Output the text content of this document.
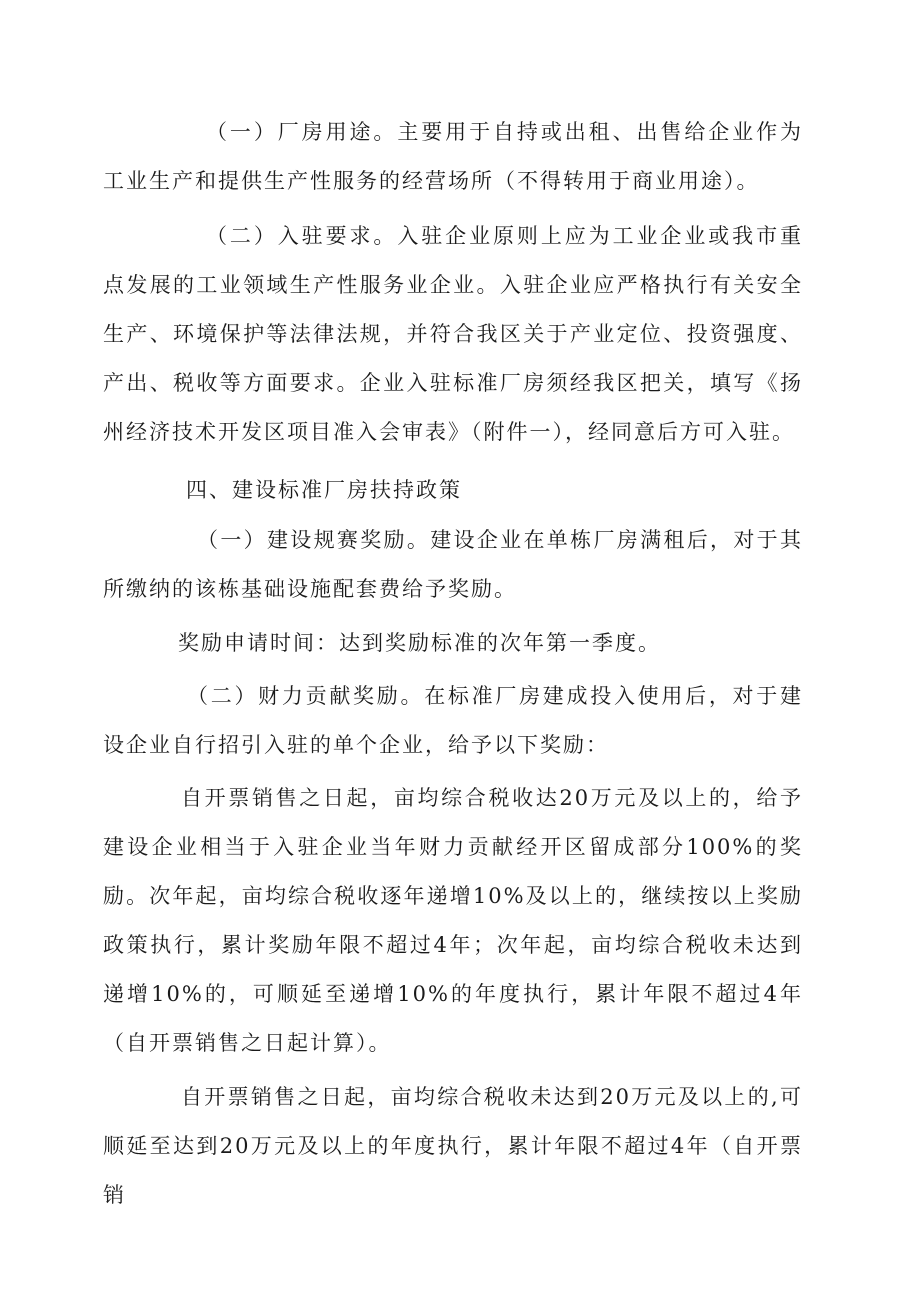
（一）厂房用途。主要用于自持或出租、出售给企业作为工业生产和提供生产性服务的经营场所（不得转用于商业用途）。

（二）入驻要求。入驻企业原则上应为工业企业或我市重点发展的工业领域生产性服务业企业。入驻企业应严格执行有关安全生产、环境保护等法律法规，并符合我区关于产业定位、投资强度、产出、税收等方面要求。企业入驻标准厂房须经我区把关，填写《扬州经济技术开发区项目准入会审表》（附件一），经同意后方可入驻。

四、建设标准厂房扶持政策

（一）建设规赛奖励。建设企业在单栋厂房满租后，对于其所缴纳的该栋基础设施配套费给予奖励。

奖励申请时间：达到奖励标准的次年第一季度。

（二）财力贡献奖励。在标准厂房建成投入使用后，对于建设企业自行招引入驻的单个企业，给予以下奖励：

自开票销售之日起，亩均综合税收达20万元及以上的，给予建设企业相当于入驻企业当年财力贡献经开区留成部分100%的奖励。次年起，亩均综合税收逐年递增10%及以上的，继续按以上奖励政策执行，累计奖励年限不超过4年；次年起，亩均综合税收未达到递增10%的，可顺延至递增10%的年度执行，累计年限不超过4年（自开票销售之日起计算）。

自开票销售之日起，亩均综合税收未达到20万元及以上的,可顺延至达到20万元及以上的年度执行，累计年限不超过4年（自开票销
